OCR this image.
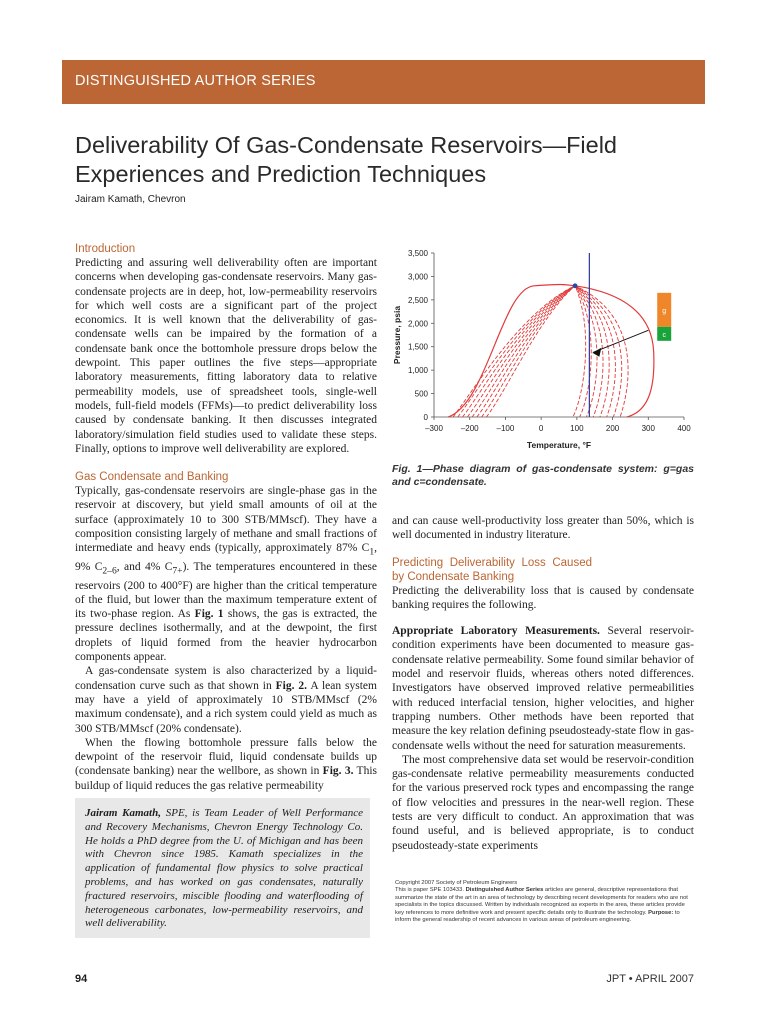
DISTINGUISHED AUTHOR SERIES
Deliverability Of Gas-Condensate Reservoirs—Field Experiences and Prediction Techniques
Jairam Kamath, Chevron
Introduction

Predicting and assuring well deliverability often are important concerns when developing gas-condensate reservoirs. Many gas-condensate projects are in deep, hot, low-permeability reservoirs for which well costs are a significant part of the project economics. It is well known that the deliverability of gas-condensate wells can be impaired by the formation of a condensate bank once the bottomhole pressure drops below the dewpoint. This paper outlines the five steps—appropriate laboratory measurements, fitting laboratory data to relative permeability models, use of spreadsheet tools, single-well models, full-field models (FFMs)—to predict deliverability loss caused by condensate banking. It then discusses integrated laboratory/simulation field studies used to validate these steps. Finally, options to improve well deliverability are explored.

Gas Condensate and Banking

Typically, gas-condensate reservoirs are single-phase gas in the reservoir at discovery, but yield small amounts of oil at the surface (approximately 10 to 300 STB/MMscf). They have a composition consisting largely of methane and small fractions of intermediate and heavy ends (typically, approximately 87% $C_1$, 9% $C_{2-6}$, and 4% $C_{7+}$). The temperatures encountered in these reservoirs (200 to 400°F) are higher than the critical temperature of the fluid, but lower than the maximum temperature extent of its two-phase region. As Fig. 1 shows, the gas is extracted, the pressure declines isothermally, and at the dewpoint, the first droplets of liquid formed from the heavier hydrocarbon components appear.

A gas-condensate system is also characterized by a liquid-condensation curve such as that shown in Fig. 2. A lean system may have a yield of approximately 10 STB/MMscf (2% maximum condensate), and a rich system could yield as much as 300 STB/MMscf (20% condensate).

When the flowing bottomhole pressure falls below the dewpoint of the reservoir fluid, liquid condensate builds up (condensate banking) near the wellbore, as shown in Fig. 3. This buildup of liquid reduces the gas relative permeability

Jairam Kamath, SPE, is Team Leader of Well Performance and Recovery Mechanisms, Chevron Energy Technology Co. He holds a PhD degree from the U. of Michigan and has been with Chevron since 1985. Kamath specializes in the application of fundamental flow physics to solve practical problems, and has worked on gas condensates, naturally fractured reservoirs, miscible flooding and waterflooding of heterogeneous carbonates, low-permeability reservoirs, and well deliverability.
–300 –200 –100	0	100	200	300	400
0
500
1,000
1,500
2,000
2,500
3,000
3,500
Temperature, °F
Pressure, psia	g
c
Fig. 1—Phase diagram of gas-condensate system: g=gas and c=condensate.

and can cause well-productivity loss greater than 50%, which is well documented in industry literature.

Predicting Deliverability Loss Caused by Condensate Banking

Predicting the deliverability loss that is caused by condensate banking requires the following.

Appropriate Laboratory Measurements. Several reservoir-condition experiments have been documented to measure gas-condensate relative permeability. Some found similar behavior of model and reservoir fluids, whereas others noted differences. Investigators have observed improved relative permeabilities with reduced interfacial tension, higher velocities, and higher trapping numbers. Other methods have been reported that measure the key relation defining pseudosteady-state flow in gas-condensate wells without the need for saturation measurements.

The most comprehensive data set would be reservoir-condition gas-condensate relative permeability measurements conducted for the various preserved rock types and encompassing the range of flow velocities and pressures in the near-well region. These tests are very difficult to conduct. An approximation that was found useful, and is believed appropriate, is to conduct pseudosteady-state experiments

Copyright 2007 Society of Petroleum Engineers
This is paper SPE 103433. Distinguished Author Series articles are general, descriptive representations that summarize the state of the art in an area of technology by describing recent developments for readers who are not specialists in the topics discussed. Written by individuals recognized as experts in the area, these articles provide key references to more definitive work and present specific details only to illustrate the technology. Purpose: to inform the general readership of recent advances in various areas of petroleum engineering.
94	JPT • APRIL 2007
